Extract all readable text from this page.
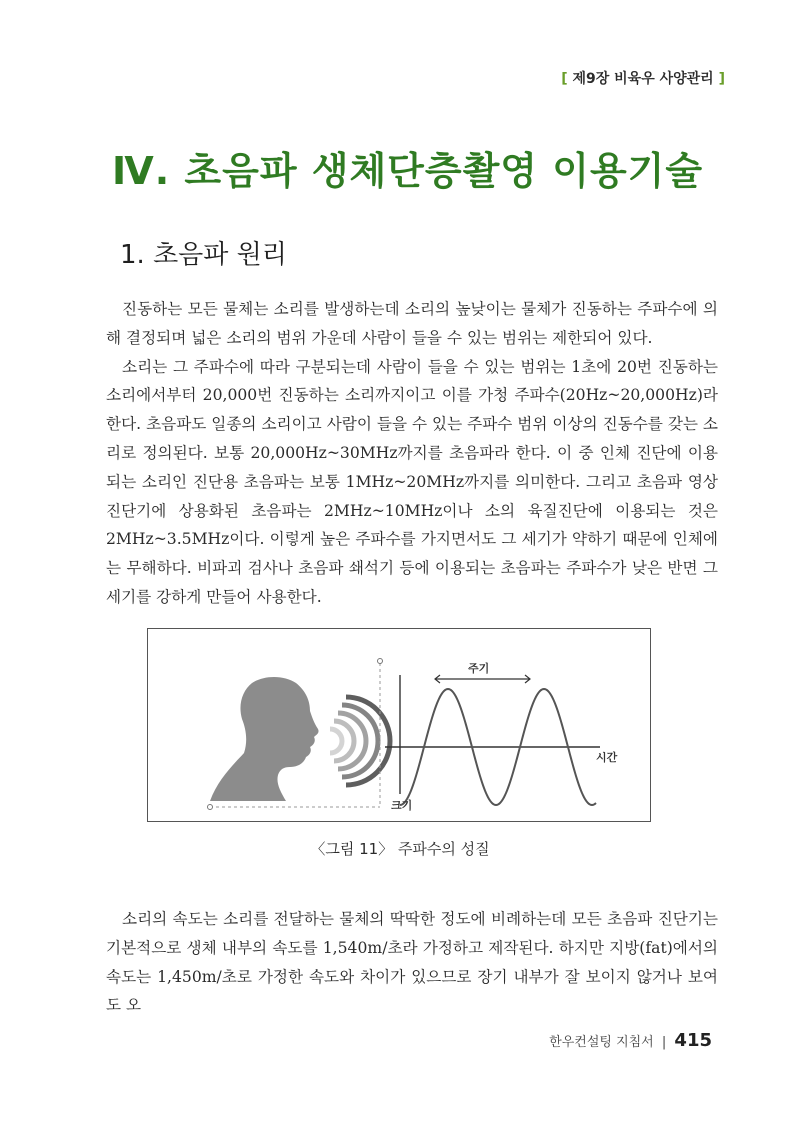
[ 제9장 비육우 사양관리 ]
Ⅳ. 초음파 생체단층촬영 이용기술
1. 초음파 원리

진동하는 모든 물체는 소리를 발생하는데 소리의 높낮이는 물체가 진동하는 주파수에 의해 결정되며 넓은 소리의 범위 가운데 사람이 들을 수 있는 범위는 제한되어 있다.

소리는 그 주파수에 따라 구분되는데 사람이 들을 수 있는 범위는 1초에 20번 진동하는 소리에서부터 20,000번 진동하는 소리까지이고 이를 가청 주파수(20Hz~20,000Hz)라 한다. 초음파도 일종의 소리이고 사람이 들을 수 있는 주파수 범위 이상의 진동수를 갖는 소리로 정의된다. 보통 20,000Hz~30MHz까지를 초음파라 한다. 이 중 인체 진단에 이용되는 소리인 진단용 초음파는 보통 1MHz~20MHz까지를 의미한다. 그리고 초음파 영상 진단기에 상용화된 초음파는 2MHz~10MHz이나 소의 육질진단에 이용되는 것은 2MHz~3.5MHz이다. 이렇게 높은 주파수를 가지면서도 그 세기가 약하기 때문에 인체에는 무해하다. 비파괴 검사나 초음파 쇄석기 등에 이용되는 초음파는 주파수가 낮은 반면 그 세기를 강하게 만들어 사용한다.

주기
시간
크기

〈그림 11〉 주파수의 성질

소리의 속도는 소리를 전달하는 물체의 딱딱한 정도에 비례하는데 모든 초음파 진단기는 기본적으로 생체 내부의 속도를 1,540m/초라 가정하고 제작된다. 하지만 지방(fat)에서의 속도는 1,450m/초로 가정한 속도와 차이가 있으므로 장기 내부가 잘 보이지 않거나 보여도 오

한우컨설팅 지침서 | 415
